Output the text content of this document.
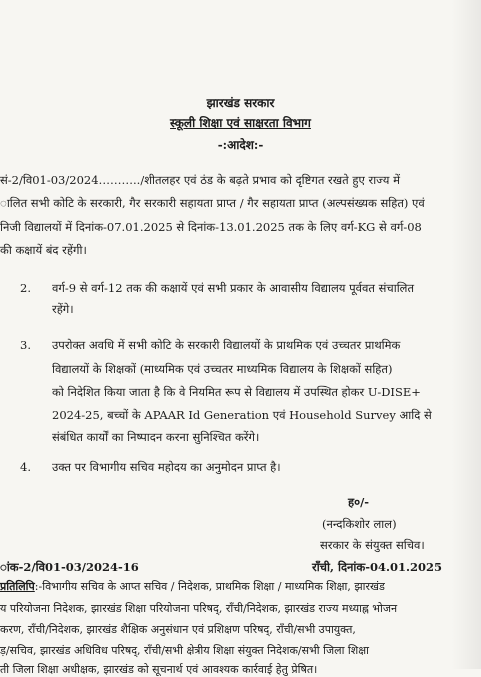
झारखंड सरकार
स्कूली शिक्षा एवं साक्षरता विभाग
-:आदेश:-
सं-2/वि01-03/2024………../शीतलहर एवं ठंड के बढ़ते प्रभाव को दृष्टिगत रखते हुए राज्य में
ालित सभी कोटि के सरकारी, गैर सरकारी सहायता प्राप्त / गैर सहायता प्राप्त (अल्पसंख्यक सहित) एवं
निजी विद्यालयों में दिनांक-07.01.2025 से दिनांक-13.01.2025 तक के लिए वर्ग-KG से वर्ग-08
की कक्षायें बंद रहेंगी।
2. वर्ग-9 से वर्ग-12 तक की कक्षायें एवं सभी प्रकार के आवासीय विद्यालय पूर्ववत संचालित
रहेंगे।
3. उपरोक्त अवधि में सभी कोटि के सरकारी विद्यालयों के प्राथमिक एवं उच्चतर प्राथमिक
विद्यालयों के शिक्षकों (माध्यमिक एवं उच्चतर माध्यमिक विद्यालय के शिक्षकों सहित)
को निदेशित किया जाता है कि वे नियमित रूप से विद्यालय में उपस्थित होकर U-DISE+
2024-25, बच्चों के APAAR Id Generation एवं Household Survey आदि से
संबंधित कार्यों का निष्पादन करना सुनिश्चित करेंगे।
4. उक्त पर विभागीय सचिव महोदय का अनुमोदन प्राप्त है।
ह०/-
(नन्दकिशोर लाल)
सरकार के संयुक्त सचिव।
ांक-2/वि01-03/2024-16	राँची, दिनांक-04.01.2025
प्रतिलिपि:-विभागीय सचिव के आप्त सचिव / निदेशक, प्राथमिक शिक्षा / माध्यमिक शिक्षा, झारखंड
य परियोजना निदेशक, झारखंड शिक्षा परियोजना परिषद्, राँची/निदेशक, झारखंड राज्य मध्याह्न भोजन
करण, राँची/निदेशक, झारखंड शैक्षिक अनुसंधान एवं प्रशिक्षण परिषद्, राँची/सभी उपायुक्त,
ड़/सचिव, झारखंड अधिविध परिषद्, राँची/सभी क्षेत्रीय शिक्षा संयुक्त निदेशक/सभी जिला शिक्षा
ती जिला शिक्षा अधीक्षक, झारखंड को सूचनार्थ एवं आवश्यक कार्रवाई हेतु प्रेषित।
